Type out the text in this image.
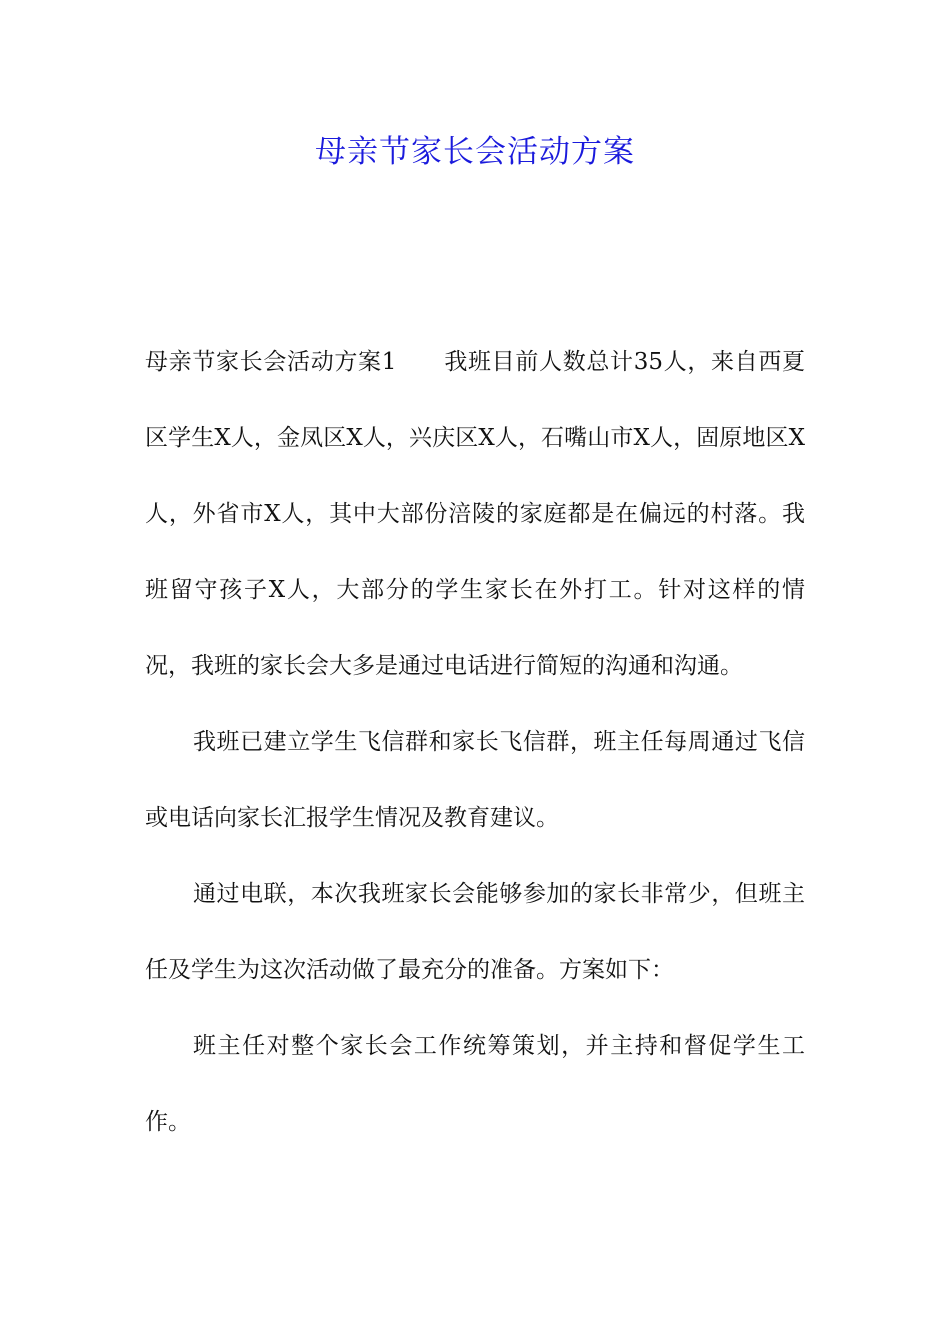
母亲节家长会活动方案

母亲节家长会活动方案1　　我班目前人数总计35人，来自西夏区学生X人，金凤区X人，兴庆区X人，石嘴山市X人，固原地区X人，外省市X人，其中大部份涪陵的家庭都是在偏远的村落。我班留守孩子X人，大部分的学生家长在外打工。针对这样的情况，我班的家长会大多是通过电话进行简短的沟通和沟通。

我班已建立学生飞信群和家长飞信群，班主任每周通过飞信或电话向家长汇报学生情况及教育建议。

通过电联，本次我班家长会能够参加的家长非常少，但班主任及学生为这次活动做了最充分的准备。方案如下：

班主任对整个家长会工作统筹策划，并主持和督促学生工作。
